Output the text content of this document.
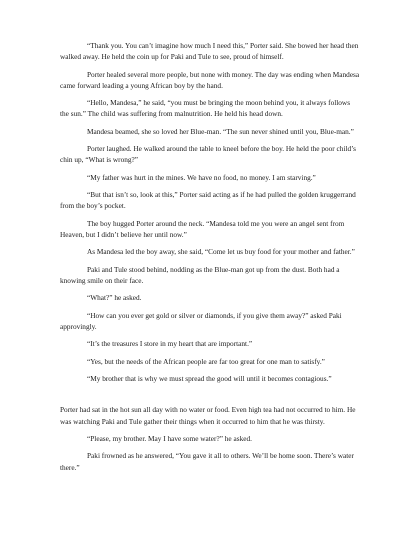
“Thank you. You can’t imagine how much I need this,” Porter said. She bowed her head then walked away. He held the coin up for Paki and Tule to see, proud of himself.

Porter healed several more people, but none with money. The day was ending when Mandesa came forward leading a young African boy by the hand.

“Hello, Mandesa,” he said, “you must be bringing the moon behind you, it always follows the sun.” The child was suffering from malnutrition. He held his head down.

Mandesa beamed, she so loved her Blue-man. “The sun never shined until you, Blue-man.”

Porter laughed. He walked around the table to kneel before the boy. He held the poor child’s chin up, “What is wrong?”

“My father was hurt in the mines. We have no food, no money. I am starving.”

“But that isn’t so, look at this,” Porter said acting as if he had pulled the golden kruggerrand from the boy’s pocket.

The boy hugged Porter around the neck. “Mandesa told me you were an angel sent from Heaven, but I didn’t believe her until now.”

As Mandesa led the boy away, she said, “Come let us buy food for your mother and father.”

Paki and Tule stood behind, nodding as the Blue-man got up from the dust. Both had a knowing smile on their face.

“What?” he asked.

“How can you ever get gold or silver or diamonds, if you give them away?” asked Paki approvingly.

“It’s the treasures I store in my heart that are important.”

“Yes, but the needs of the African people are far too great for one man to satisfy.”

“My brother that is why we must spread the good will until it becomes contagious.”

Porter had sat in the hot sun all day with no water or food. Even high tea had not occurred to him. He was watching Paki and Tule gather their things when it occurred to him that he was thirsty.

“Please, my brother. May I have some water?” he asked.

Paki frowned as he answered, “You gave it all to others. We’ll be home soon. There’s water there.”
